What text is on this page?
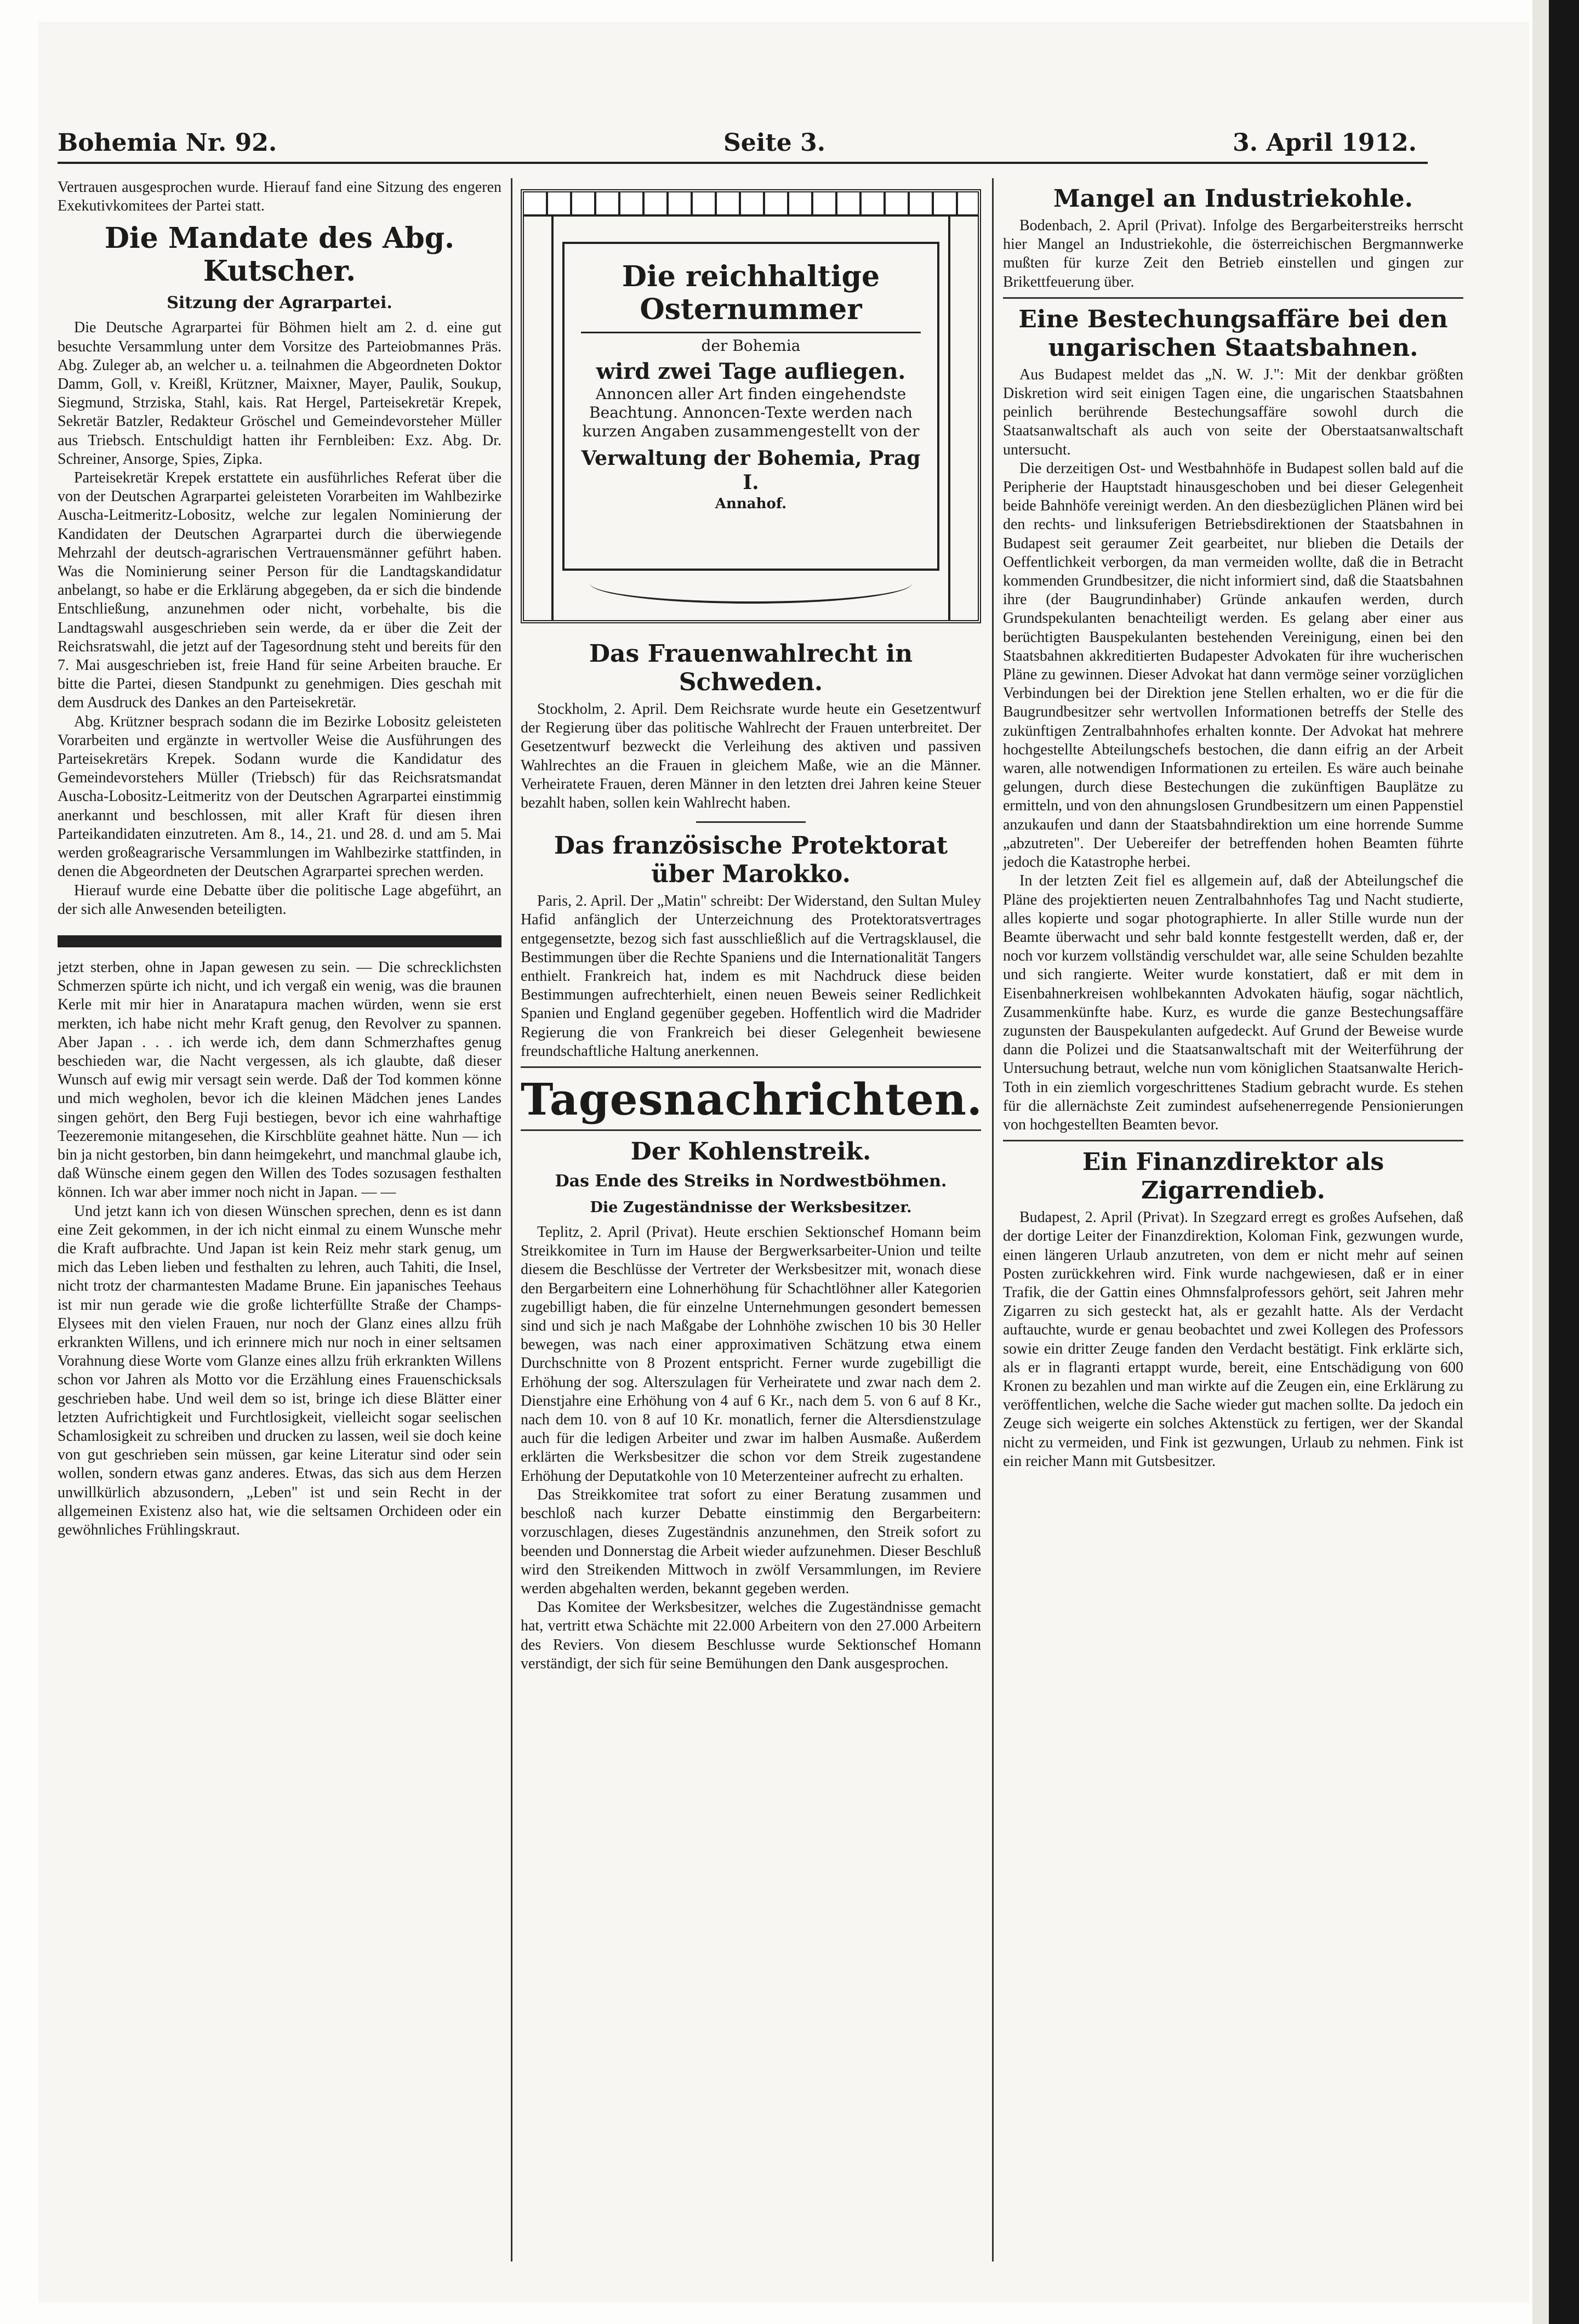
Bohemia Nr. 92.	Seite 3.	3. April 1912.

Vertrauen ausgesprochen wurde. Hierauf fand eine Sitzung des engeren Exekutivkomitees der Partei statt.

Die Mandate des Abg. Kutscher.
Sitzung der Agrarpartei.

Die Deutsche Agrarpartei für Böhmen hielt am 2. d. eine gut besuchte Versammlung unter dem Vorsitze des Parteiobmannes Präs. Abg. Zuleger ab, an welcher u. a. teilnahmen die Abgeordneten Doktor Damm, Goll, v. Kreißl, Krützner, Maixner, Mayer, Paulik, Soukup, Siegmund, Strziska, Stahl, kais. Rat Hergel, Parteisekretär Krepek, Sekretär Batzler, Redakteur Gröschel und Gemeindevorsteher Müller aus Triebsch. Entschuldigt hatten ihr Fernbleiben: Exz. Abg. Dr. Schreiner, Ansorge, Spies, Zipka.

Parteisekretär Krepek erstattete ein ausführliches Referat über die von der Deutschen Agrarpartei geleisteten Vorarbeiten im Wahlbezirke Auscha-Leitmeritz-Lobositz, welche zur legalen Nominierung der Kandidaten der Deutschen Agrarpartei durch die überwiegende Mehrzahl der deutsch-agrarischen Vertrauensmänner geführt haben. Was die Nominierung seiner Person für die Landtagskandidatur anbelangt, so habe er die Erklärung abgegeben, da er sich die bindende Entschließung, anzunehmen oder nicht, vorbehalte, bis die Landtagswahl ausgeschrieben sein werde, da er über die Zeit der Reichsratswahl, die jetzt auf der Tagesordnung steht und bereits für den 7. Mai ausgeschrieben ist, freie Hand für seine Arbeiten brauche. Er bitte die Partei, diesen Standpunkt zu genehmigen. Dies geschah mit dem Ausdruck des Dankes an den Parteisekretär.

Abg. Krützner besprach sodann die im Bezirke Lobositz geleisteten Vorarbeiten und ergänzte in wertvoller Weise die Ausführungen des Parteisekretärs Krepek. Sodann wurde die Kandidatur des Gemeindevorstehers Müller (Triebsch) für das Reichsratsmandat Auscha-Lobositz-Leitmeritz von der Deutschen Agrarpartei einstimmig anerkannt und beschlossen, mit aller Kraft für diesen ihren Parteikandidaten einzutreten. Am 8., 14., 21. und 28. d. und am 5. Mai werden großeagrarische Versammlungen im Wahlbezirke stattfinden, in denen die Abgeordneten der Deutschen Agrarpartei sprechen werden.

Hierauf wurde eine Debatte über die politische Lage abgeführt, an der sich alle Anwesenden beteiligten.

jetzt sterben, ohne in Japan gewesen zu sein. — Die schrecklichsten Schmerzen spürte ich nicht, und ich vergaß ein wenig, was die braunen Kerle mit mir hier in Anaratapura machen würden, wenn sie erst merkten, ich habe nicht mehr Kraft genug, den Revolver zu spannen. Aber Japan . . . ich werde ich, dem dann Schmerzhaftes genug beschieden war, die Nacht vergessen, als ich glaubte, daß dieser Wunsch auf ewig mir versagt sein werde. Daß der Tod kommen könne und mich wegholen, bevor ich die kleinen Mädchen jenes Landes singen gehört, den Berg Fuji bestiegen, bevor ich eine wahrhaftige Teezeremonie mitangesehen, die Kirschblüte geahnet hätte. Nun — ich bin ja nicht gestorben, bin dann heimgekehrt, und manchmal glaube ich, daß Wünsche einem gegen den Willen des Todes sozusagen festhalten können. Ich war aber immer noch nicht in Japan. — —

Und jetzt kann ich von diesen Wünschen sprechen, denn es ist dann eine Zeit gekommen, in der ich nicht einmal zu einem Wunsche mehr die Kraft aufbrachte. Und Japan ist kein Reiz mehr stark genug, um mich das Leben lieben und festhalten zu lehren, auch Tahiti, die Insel, nicht trotz der charmantesten Madame Brune. Ein japanisches Teehaus ist mir nun gerade wie die große lichterfüllte Straße der Champs-Elysees mit den vielen Frauen, nur noch der Glanz eines allzu früh erkrankten Willens, und ich erinnere mich nur noch in einer seltsamen Vorahnung diese Worte vom Glanze eines allzu früh erkrankten Willens schon vor Jahren als Motto vor die Erzählung eines Frauenschicksals geschrieben habe. Und weil dem so ist, bringe ich diese Blätter einer letzten Aufrichtigkeit und Furchtlosigkeit, vielleicht sogar seelischen Schamlosigkeit zu schreiben und drucken zu lassen, weil sie doch keine von gut geschrieben sein müssen, gar keine Literatur sind oder sein wollen, sondern etwas ganz anderes. Etwas, das sich aus dem Herzen unwillkürlich abzusondern, „Leben" ist und sein Recht in der allgemeinen Existenz also hat, wie die seltsamen Orchideen oder ein gewöhnliches Frühlingskraut.

Die reichhaltige Osternummer
der Bohemia
wird zwei Tage aufliegen.
Annoncen aller Art finden eingehendste Beachtung. Annoncen-Texte werden nach kurzen Angaben zusammengestellt von der
Verwaltung der Bohemia, Prag I.
Annahof.
Das Frauenwahlrecht in Schweden.

Stockholm, 2. April. Dem Reichsrate wurde heute ein Gesetzentwurf der Regierung über das politische Wahlrecht der Frauen unterbreitet. Der Gesetzentwurf bezweckt die Verleihung des aktiven und passiven Wahlrechtes an die Frauen in gleichem Maße, wie an die Männer. Verheiratete Frauen, deren Männer in den letzten drei Jahren keine Steuer bezahlt haben, sollen kein Wahlrecht haben.

Das französische Protektorat über Marokko.

Paris, 2. April. Der „Matin" schreibt: Der Widerstand, den Sultan Muley Hafid anfänglich der Unterzeichnung des Protektoratsvertrages entgegensetzte, bezog sich fast ausschließlich auf die Vertragsklausel, die Bestimmungen über die Rechte Spaniens und die Internationalität Tangers enthielt. Frankreich hat, indem es mit Nachdruck diese beiden Bestimmungen aufrechterhielt, einen neuen Beweis seiner Redlichkeit Spanien und England gegenüber gegeben. Hoffentlich wird die Madrider Regierung die von Frankreich bei dieser Gelegenheit bewiesene freundschaftliche Haltung anerkennen.

Tagesnachrichten.
Der Kohlenstreik.
Das Ende des Streiks in Nordwestböhmen.
Die Zugeständnisse der Werksbesitzer.

Teplitz, 2. April (Privat). Heute erschien Sektionschef Homann beim Streikkomitee in Turn im Hause der Bergwerksarbeiter-Union und teilte diesem die Beschlüsse der Vertreter der Werksbesitzer mit, wonach diese den Bergarbeitern eine Lohnerhöhung für Schachtlöhner aller Kategorien zugebilligt haben, die für einzelne Unternehmungen gesondert bemessen sind und sich je nach Maßgabe der Lohnhöhe zwischen 10 bis 30 Heller bewegen, was nach einer approximativen Schätzung etwa einem Durchschnitte von 8 Prozent entspricht. Ferner wurde zugebilligt die Erhöhung der sog. Alterszulagen für Verheiratete und zwar nach dem 2. Dienstjahre eine Erhöhung von 4 auf 6 Kr., nach dem 5. von 6 auf 8 Kr., nach dem 10. von 8 auf 10 Kr. monatlich, ferner die Altersdienstzulage auch für die ledigen Arbeiter und zwar im halben Ausmaße. Außerdem erklärten die Werksbesitzer die schon vor dem Streik zugestandene Erhöhung der Deputatkohle von 10 Meterzenteiner aufrecht zu erhalten.

Das Streikkomitee trat sofort zu einer Beratung zusammen und beschloß nach kurzer Debatte einstimmig den Bergarbeitern: vorzuschlagen, dieses Zugeständnis anzunehmen, den Streik sofort zu beenden und Donnerstag die Arbeit wieder aufzunehmen. Dieser Beschluß wird den Streikenden Mittwoch in zwölf Versammlungen, im Reviere werden abgehalten werden, bekannt gegeben werden.

Das Komitee der Werksbesitzer, welches die Zugeständnisse gemacht hat, vertritt etwa Schächte mit 22.000 Arbeitern von den 27.000 Arbeitern des Reviers. Von diesem Beschlusse wurde Sektionschef Homann verständigt, der sich für seine Bemühungen den Dank ausgesprochen.

Mangel an Industriekohle.

Bodenbach, 2. April (Privat). Infolge des Bergarbeiterstreiks herrscht hier Mangel an Industriekohle, die österreichischen Bergmannwerke mußten für kurze Zeit den Betrieb einstellen und gingen zur Brikettfeuerung über.

Eine Bestechungsaffäre bei den ungarischen Staatsbahnen.

Aus Budapest meldet das „N. W. J.": Mit der denkbar größten Diskretion wird seit einigen Tagen eine, die ungarischen Staatsbahnen peinlich berührende Bestechungsaffäre sowohl durch die Staatsanwaltschaft als auch von seite der Oberstaatsanwaltschaft untersucht.

Die derzeitigen Ost- und Westbahnhöfe in Budapest sollen bald auf die Peripherie der Hauptstadt hinausgeschoben und bei dieser Gelegenheit beide Bahnhöfe vereinigt werden. An den diesbezüglichen Plänen wird bei den rechts- und linksuferigen Betriebsdirektionen der Staatsbahnen in Budapest seit geraumer Zeit gearbeitet, nur blieben die Details der Oeffentlichkeit verborgen, da man vermeiden wollte, daß die in Betracht kommenden Grundbesitzer, die nicht informiert sind, daß die Staatsbahnen ihre (der Baugrundinhaber) Gründe ankaufen werden, durch Grundspekulanten benachteiligt werden. Es gelang aber einer aus berüchtigten Bauspekulanten bestehenden Vereinigung, einen bei den Staatsbahnen akkreditierten Budapester Advokaten für ihre wucherischen Pläne zu gewinnen. Dieser Advokat hat dann vermöge seiner vorzüglichen Verbindungen bei der Direktion jene Stellen erhalten, wo er die für die Baugrundbesitzer sehr wertvollen Informationen betreffs der Stelle des zukünftigen Zentralbahnhofes erhalten konnte. Der Advokat hat mehrere hochgestellte Abteilungschefs bestochen, die dann eifrig an der Arbeit waren, alle notwendigen Informationen zu erteilen. Es wäre auch beinahe gelungen, durch diese Bestechungen die zukünftigen Bauplätze zu ermitteln, und von den ahnungslosen Grundbesitzern um einen Pappenstiel anzukaufen und dann der Staatsbahndirektion um eine horrende Summe „abzutreten". Der Uebereifer der betreffenden hohen Beamten führte jedoch die Katastrophe herbei.

In der letzten Zeit fiel es allgemein auf, daß der Abteilungschef die Pläne des projektierten neuen Zentralbahnhofes Tag und Nacht studierte, alles kopierte und sogar photographierte. In aller Stille wurde nun der Beamte überwacht und sehr bald konnte festgestellt werden, daß er, der noch vor kurzem vollständig verschuldet war, alle seine Schulden bezahlte und sich rangierte. Weiter wurde konstatiert, daß er mit dem in Eisenbahnerkreisen wohlbekannten Advokaten häufig, sogar nächtlich, Zusammenkünfte habe. Kurz, es wurde die ganze Bestechungsaffäre zugunsten der Bauspekulanten aufgedeckt. Auf Grund der Beweise wurde dann die Polizei und die Staatsanwaltschaft mit der Weiterführung der Untersuchung betraut, welche nun vom königlichen Staatsanwalte Herich-Toth in ein ziemlich vorgeschrittenes Stadium gebracht wurde. Es stehen für die allernächste Zeit zumindest aufsehenerregende Pensionierungen von hochgestellten Beamten bevor.

Ein Finanzdirektor als Zigarrendieb.

Budapest, 2. April (Privat). In Szegzard erregt es großes Aufsehen, daß der dortige Leiter der Finanzdirektion, Koloman Fink, gezwungen wurde, einen längeren Urlaub anzutreten, von dem er nicht mehr auf seinen Posten zurückkehren wird. Fink wurde nachgewiesen, daß er in einer Trafik, die der Gattin eines Ohmnsfalprofessors gehört, seit Jahren mehr Zigarren zu sich gesteckt hat, als er gezahlt hatte. Als der Verdacht auftauchte, wurde er genau beobachtet und zwei Kollegen des Professors sowie ein dritter Zeuge fanden den Verdacht bestätigt. Fink erklärte sich, als er in flagranti ertappt wurde, bereit, eine Entschädigung von 600 Kronen zu bezahlen und man wirkte auf die Zeugen ein, eine Erklärung zu veröffentlichen, welche die Sache wieder gut machen sollte. Da jedoch ein Zeuge sich weigerte ein solches Aktenstück zu fertigen, wer der Skandal nicht zu vermeiden, und Fink ist gezwungen, Urlaub zu nehmen. Fink ist ein reicher Mann mit Gutsbesitzer.
